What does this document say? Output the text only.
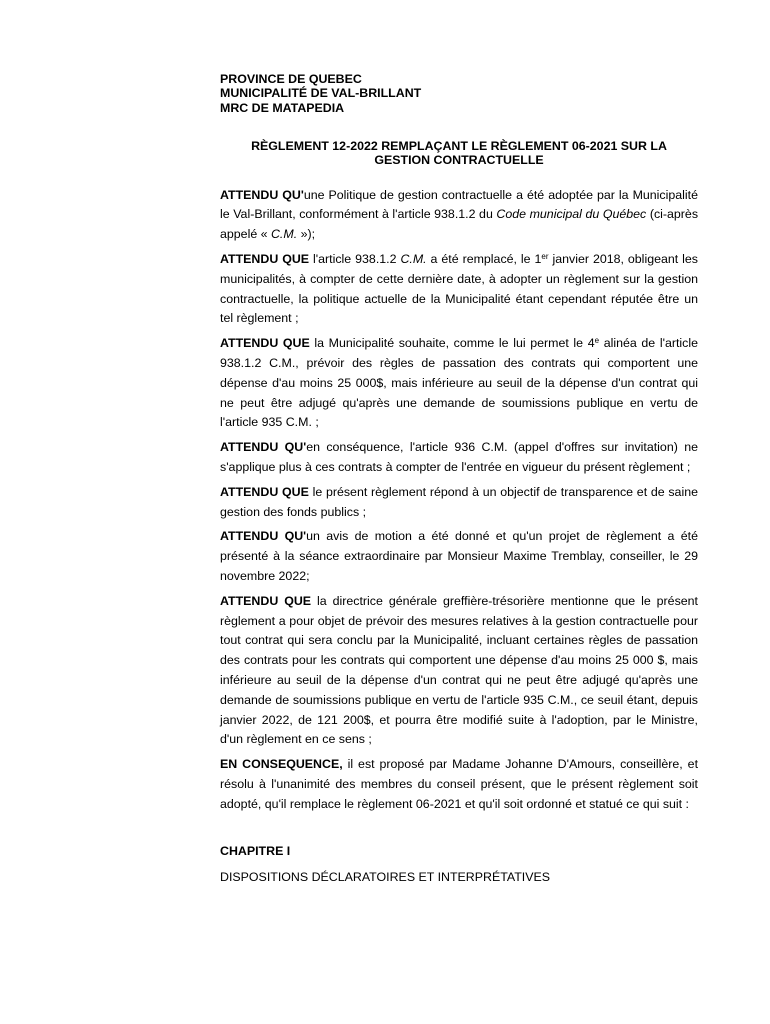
PROVINCE DE QUEBEC

MUNICIPALITÉ DE VAL-BRILLANT

MRC DE MATAPEDIA

RÈGLEMENT 12-2022 REMPLAÇANT LE RÈGLEMENT 06-2021 SUR LA
GESTION CONTRACTUELLE

ATTENDU QU'une Politique de gestion contractuelle a été adoptée par la Municipalité le Val-Brillant, conformément à l'article 938.1.2 du Code municipal du Québec (ci-après appelé « C.M. »);

ATTENDU QUE l'article 938.1.2 C.M. a été remplacé, le 1er janvier 2018, obligeant les municipalités, à compter de cette dernière date, à adopter un règlement sur la gestion contractuelle, la politique actuelle de la Municipalité étant cependant réputée être un tel règlement ;

ATTENDU QUE la Municipalité souhaite, comme le lui permet le 4e alinéa de l'article 938.1.2 C.M., prévoir des règles de passation des contrats qui comportent une dépense d'au moins 25 000$, mais inférieure au seuil de la dépense d'un contrat qui ne peut être adjugé qu'après une demande de soumissions publique en vertu de l'article 935 C.M. ;

ATTENDU QU'en conséquence, l'article 936 C.M. (appel d'offres sur invitation) ne s'applique plus à ces contrats à compter de l'entrée en vigueur du présent règlement ;

ATTENDU QUE le présent règlement répond à un objectif de transparence et de saine gestion des fonds publics ;

ATTENDU QU'un avis de motion a été donné et qu'un projet de règlement a été présenté à la séance extraordinaire par Monsieur Maxime Tremblay, conseiller, le 29 novembre 2022;

ATTENDU QUE la directrice générale greffière-trésorière mentionne que le présent règlement a pour objet de prévoir des mesures relatives à la gestion contractuelle pour tout contrat qui sera conclu par la Municipalité, incluant certaines règles de passation des contrats pour les contrats qui comportent une dépense d'au moins 25 000 $, mais inférieure au seuil de la dépense d'un contrat qui ne peut être adjugé qu'après une demande de soumissions publique en vertu de l'article 935 C.M., ce seuil étant, depuis janvier 2022, de 121 200$, et pourra être modifié suite à l'adoption, par le Ministre, d'un règlement en ce sens ;

EN CONSEQUENCE, il est proposé par Madame Johanne D'Amours, conseillère, et résolu à l'unanimité des membres du conseil présent, que le présent règlement soit adopté, qu'il remplace le règlement 06-2021 et qu'il soit ordonné et statué ce qui suit :

CHAPITRE I

DISPOSITIONS DÉCLARATOIRES ET INTERPRÉTATIVES
